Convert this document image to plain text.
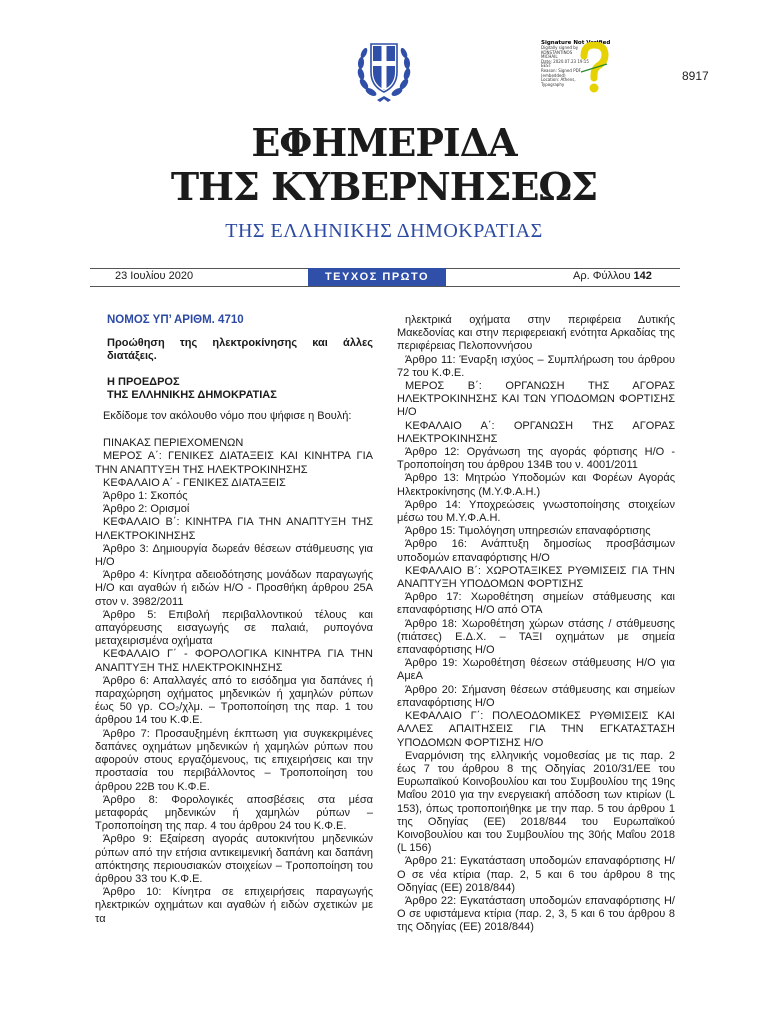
Signature Not Verified
Digitally signed by
KONSTANTINOS
MICHAIL
Date: 2020.07.23 19:15
EEST
Reason: Signed PDF
(embedded)
Location: Athens,
Typography
8917
ΕΦΗΜΕΡΙΔΑ
ΤΗΣ ΚΥΒΕΡΝΗΣΕΩΣ
ΤΗΣ ΕΛΛΗΝΙΚΗΣ ΔΗΜΟΚΡΑΤΙΑΣ
23 Ιουλίου 2020	ΤΕΥΧΟΣ ΠΡΩΤΟ	Αρ. Φύλλου 142

ΝΟΜΟΣ ΥΠ’ ΑΡΙΘΜ. 4710

Προώθηση της ηλεκτροκίνησης και άλλες διατάξεις.

Η ΠΡΟΕΔΡΟΣ

ΤΗΣ ΕΛΛΗΝΙΚΗΣ ΔΗΜΟΚΡΑΤΙΑΣ

Εκδίδομε τον ακόλουθο νόμο που ψήφισε η Βουλή:

ΠΙΝΑΚΑΣ ΠΕΡΙΕΧΟΜΕΝΩΝ

ΜΕΡΟΣ Α΄: ΓΕΝΙΚΕΣ ΔΙΑΤΑΞΕΙΣ ΚΑΙ ΚΙΝΗΤΡΑ ΓΙΑ ΤΗΝ ΑΝΑΠΤΥΞΗ ΤΗΣ ΗΛΕΚΤΡΟΚΙΝΗΣΗΣ

ΚΕΦΑΛΑΙΟ Α΄ - ΓΕΝΙΚΕΣ ΔΙΑΤΑΞΕΙΣ

Άρθρο 1: Σκοπός

Άρθρο 2: Ορισμοί

ΚΕΦΑΛΑΙΟ Β΄: ΚΙΝΗΤΡΑ ΓΙΑ ΤΗΝ ΑΝΑΠΤΥΞΗ ΤΗΣ ΗΛΕΚΤΡΟΚΙΝΗΣΗΣ

Άρθρο 3: Δημιουργία δωρεάν θέσεων στάθμευσης για Η/Ο

Άρθρο 4: Κίνητρα αδειοδότησης μονάδων παραγωγής Η/Ο και αγαθών ή ειδών Η/Ο - Προσθήκη άρθρου 25Α στον ν. 3982/2011

Άρθρο 5: Επιβολή περιβαλλοντικού τέλους και απαγόρευσης εισαγωγής σε παλαιά, ρυπογόνα μεταχειρισμένα οχήματα

ΚΕΦΑΛΑΙΟ Γ΄ - ΦΟΡΟΛΟΓΙΚΑ ΚΙΝΗΤΡΑ ΓΙΑ ΤΗΝ ΑΝΑΠΤΥΞΗ ΤΗΣ ΗΛΕΚΤΡΟΚΙΝΗΣΗΣ

Άρθρο 6: Απαλλαγές από το εισόδημα για δαπάνες ή παραχώρηση οχήματος μηδενικών ή χαμηλών ρύπων έως 50 γρ. CO₂/χλμ. – Τροποποίηση της παρ. 1 του άρθρου 14 του Κ.Φ.Ε.

Άρθρο 7: Προσαυξημένη έκπτωση για συγκεκριμένες δαπάνες οχημάτων μηδενικών ή χαμηλών ρύπων που αφορούν στους εργαζόμενους, τις επιχειρήσεις και την προστασία του περιβάλλοντος – Τροποποίηση του άρθρου 22Β του Κ.Φ.Ε.

Άρθρο 8: Φορολογικές αποσβέσεις στα μέσα μεταφοράς μηδενικών ή χαμηλών ρύπων – Τροποποίηση της παρ. 4 του άρθρου 24 του Κ.Φ.Ε.

Άρθρο 9: Εξαίρεση αγοράς αυτοκινήτου μηδενικών ρύπων από την ετήσια αντικειμενική δαπάνη και δαπάνη απόκτησης περιουσιακών στοιχείων – Τροποποίηση του άρθρου 33 του Κ.Φ.Ε.

Άρθρο 10: Κίνητρα σε επιχειρήσεις παραγωγής ηλεκτρικών οχημάτων και αγαθών ή ειδών σχετικών με τα

ηλεκτρικά οχήματα στην περιφέρεια Δυτικής Μακεδονίας και στην περιφερειακή ενότητα Αρκαδίας της περιφέρειας Πελοποννήσου

Άρθρο 11: Έναρξη ισχύος – Συμπλήρωση του άρθρου 72 του Κ.Φ.Ε.

ΜΕΡΟΣ Β΄: ΟΡΓΑΝΩΣΗ ΤΗΣ ΑΓΟΡΑΣ ΗΛΕΚΤΡΟΚΙΝΗΣΗΣ ΚΑΙ ΤΩΝ ΥΠΟΔΟΜΩΝ ΦΟΡΤΙΣΗΣ Η/Ο

ΚΕΦΑΛΑΙΟ Α΄: ΟΡΓΑΝΩΣΗ ΤΗΣ ΑΓΟΡΑΣ ΗΛΕΚΤΡΟΚΙΝΗΣΗΣ

Άρθρο 12: Οργάνωση της αγοράς φόρτισης Η/Ο - Τροποποίηση του άρθρου 134Β του ν. 4001/2011

Άρθρο 13: Μητρώο Υποδομών και Φορέων Αγοράς Ηλεκτροκίνησης (Μ.Υ.Φ.Α.Η.)

Άρθρο 14: Υποχρεώσεις γνωστοποίησης στοιχείων μέσω του Μ.Υ.Φ.Α.Η.

Άρθρο 15: Τιμολόγηση υπηρεσιών επαναφόρτισης

Άρθρο 16: Ανάπτυξη δημοσίως προσβάσιμων υποδομών επαναφόρτισης Η/Ο

ΚΕΦΑΛΑΙΟ Β΄: ΧΩΡΟΤΑΞΙΚΕΣ ΡΥΘΜΙΣΕΙΣ ΓΙΑ ΤΗΝ ΑΝΑΠΤΥΞΗ ΥΠΟΔΟΜΩΝ ΦΟΡΤΙΣΗΣ

Άρθρο 17: Χωροθέτηση σημείων στάθμευσης και επαναφόρτισης Η/Ο από ΟΤΑ

Άρθρο 18: Χωροθέτηση χώρων στάσης / στάθμευσης (πιάτσες) Ε.Δ.Χ. – ΤΑΞΙ οχημάτων με σημεία επαναφόρτισης Η/Ο

Άρθρο 19: Χωροθέτηση θέσεων στάθμευσης Η/Ο για ΑμεΑ

Άρθρο 20: Σήμανση θέσεων στάθμευσης και σημείων επαναφόρτισης Η/Ο

ΚΕΦΑΛΑΙΟ Γ΄: ΠΟΛΕΟΔΟΜΙΚΕΣ ΡΥΘΜΙΣΕΙΣ ΚΑΙ ΑΛΛΕΣ ΑΠΑΙΤΗΣΕΙΣ ΓΙΑ ΤΗΝ ΕΓΚΑΤΑΣΤΑΣΗ ΥΠΟΔΟΜΩΝ ΦΟΡΤΙΣΗΣ Η/Ο

Εναρμόνιση της ελληνικής νομοθεσίας με τις παρ. 2 έως 7 του άρθρου 8 της Οδηγίας 2010/31/ΕΕ του Ευρωπαϊκού Κοινοβουλίου και του Συμβουλίου της 19ης Μαΐου 2010 για την ενεργειακή απόδοση των κτιρίων (L 153), όπως τροποποιήθηκε με την παρ. 5 του άρθρου 1 της Οδηγίας (ΕΕ) 2018/844 του Ευρωπαϊκού Κοινοβουλίου και του Συμβουλίου της 30ής Μαΐου 2018 (L 156)

Άρθρο 21: Εγκατάσταση υποδομών επαναφόρτισης Η/Ο σε νέα κτίρια (παρ. 2, 5 και 6 του άρθρου 8 της Οδηγίας (ΕΕ) 2018/844)

Άρθρο 22: Εγκατάσταση υποδομών επαναφόρτισης Η/Ο σε υφιστάμενα κτίρια (παρ. 2, 3, 5 και 6 του άρθρου 8 της Οδηγίας (ΕΕ) 2018/844)
